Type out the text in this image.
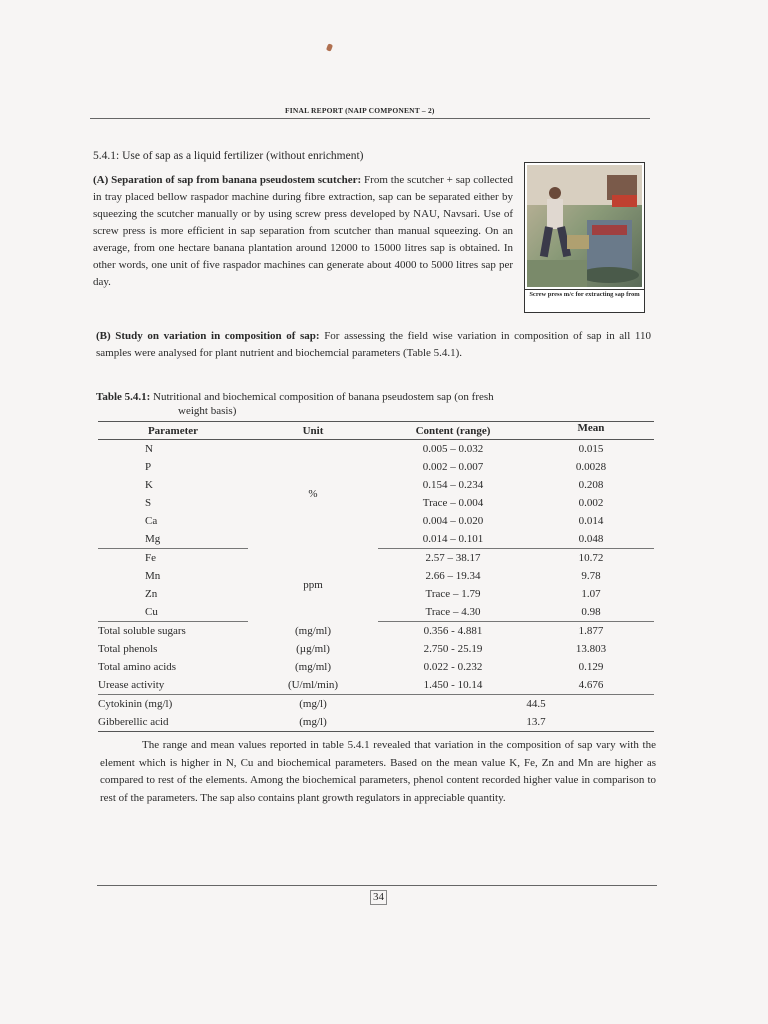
FINAL REPORT (NAIP COMPONENT – 2)
5.4.1: Use of sap as a liquid fertilizer (without enrichment)
(A) Separation of sap from banana pseudostem scutcher: From the scutcher + sap collected in tray placed bellow raspador machine during fibre extraction, sap can be separated either by squeezing the scutcher manually or by using screw press developed by NAU, Navsari. Use of screw press is more efficient in sap separation from scutcher than manual squeezing. On an average, from one hectare banana plantation around 12000 to 15000 litres sap is obtained. In other words, one unit of five raspador machines can generate about 4000 to 5000 litres sap per day.
Screw press m/c for extracting sap from
(B) Study on variation in composition of sap: For assessing the field wise variation in composition of sap in all 110 samples were analysed for plant nutrient and biochemcial parameters (Table 5.4.1).
Table 5.4.1: Nutritional and biochemical composition of banana pseudostem sap (on fresh
weight basis)
Parameter	Unit	Content (range)	Mean
N	%	0.005 – 0.032	0.015
P		0.002 – 0.007	0.0028
K		0.154 – 0.234	0.208
S		Trace – 0.004	0.002
Ca		0.004 – 0.020	0.014
Mg		0.014 – 0.101	0.048
Fe	ppm	2.57 – 38.17	10.72
Mn		2.66 – 19.34	9.78
Zn		Trace – 1.79	1.07
Cu		Trace – 4.30	0.98
Total soluble sugars	(mg/ml)	0.356 - 4.881	1.877
Total phenols	(µg/ml)	2.750 - 25.19	13.803
Total amino acids	(mg/ml)	0.022 - 0.232	0.129
Urease activity	(U/ml/min)	1.450 - 10.14	4.676
Cytokinin (mg/l)	(mg/l)	44.5	
Gibberellic acid	(mg/l)	13.7	
The range and mean values reported in table 5.4.1 revealed that variation in the composition of sap vary with the element which is higher in N, Cu and biochemical parameters. Based on the mean value K, Fe, Zn and Mn are higher as compared to rest of the elements. Among the biochemical parameters, phenol content recorded higher value in comparison to rest of the parameters. The sap also contains plant growth regulators in appreciable quantity.
34
